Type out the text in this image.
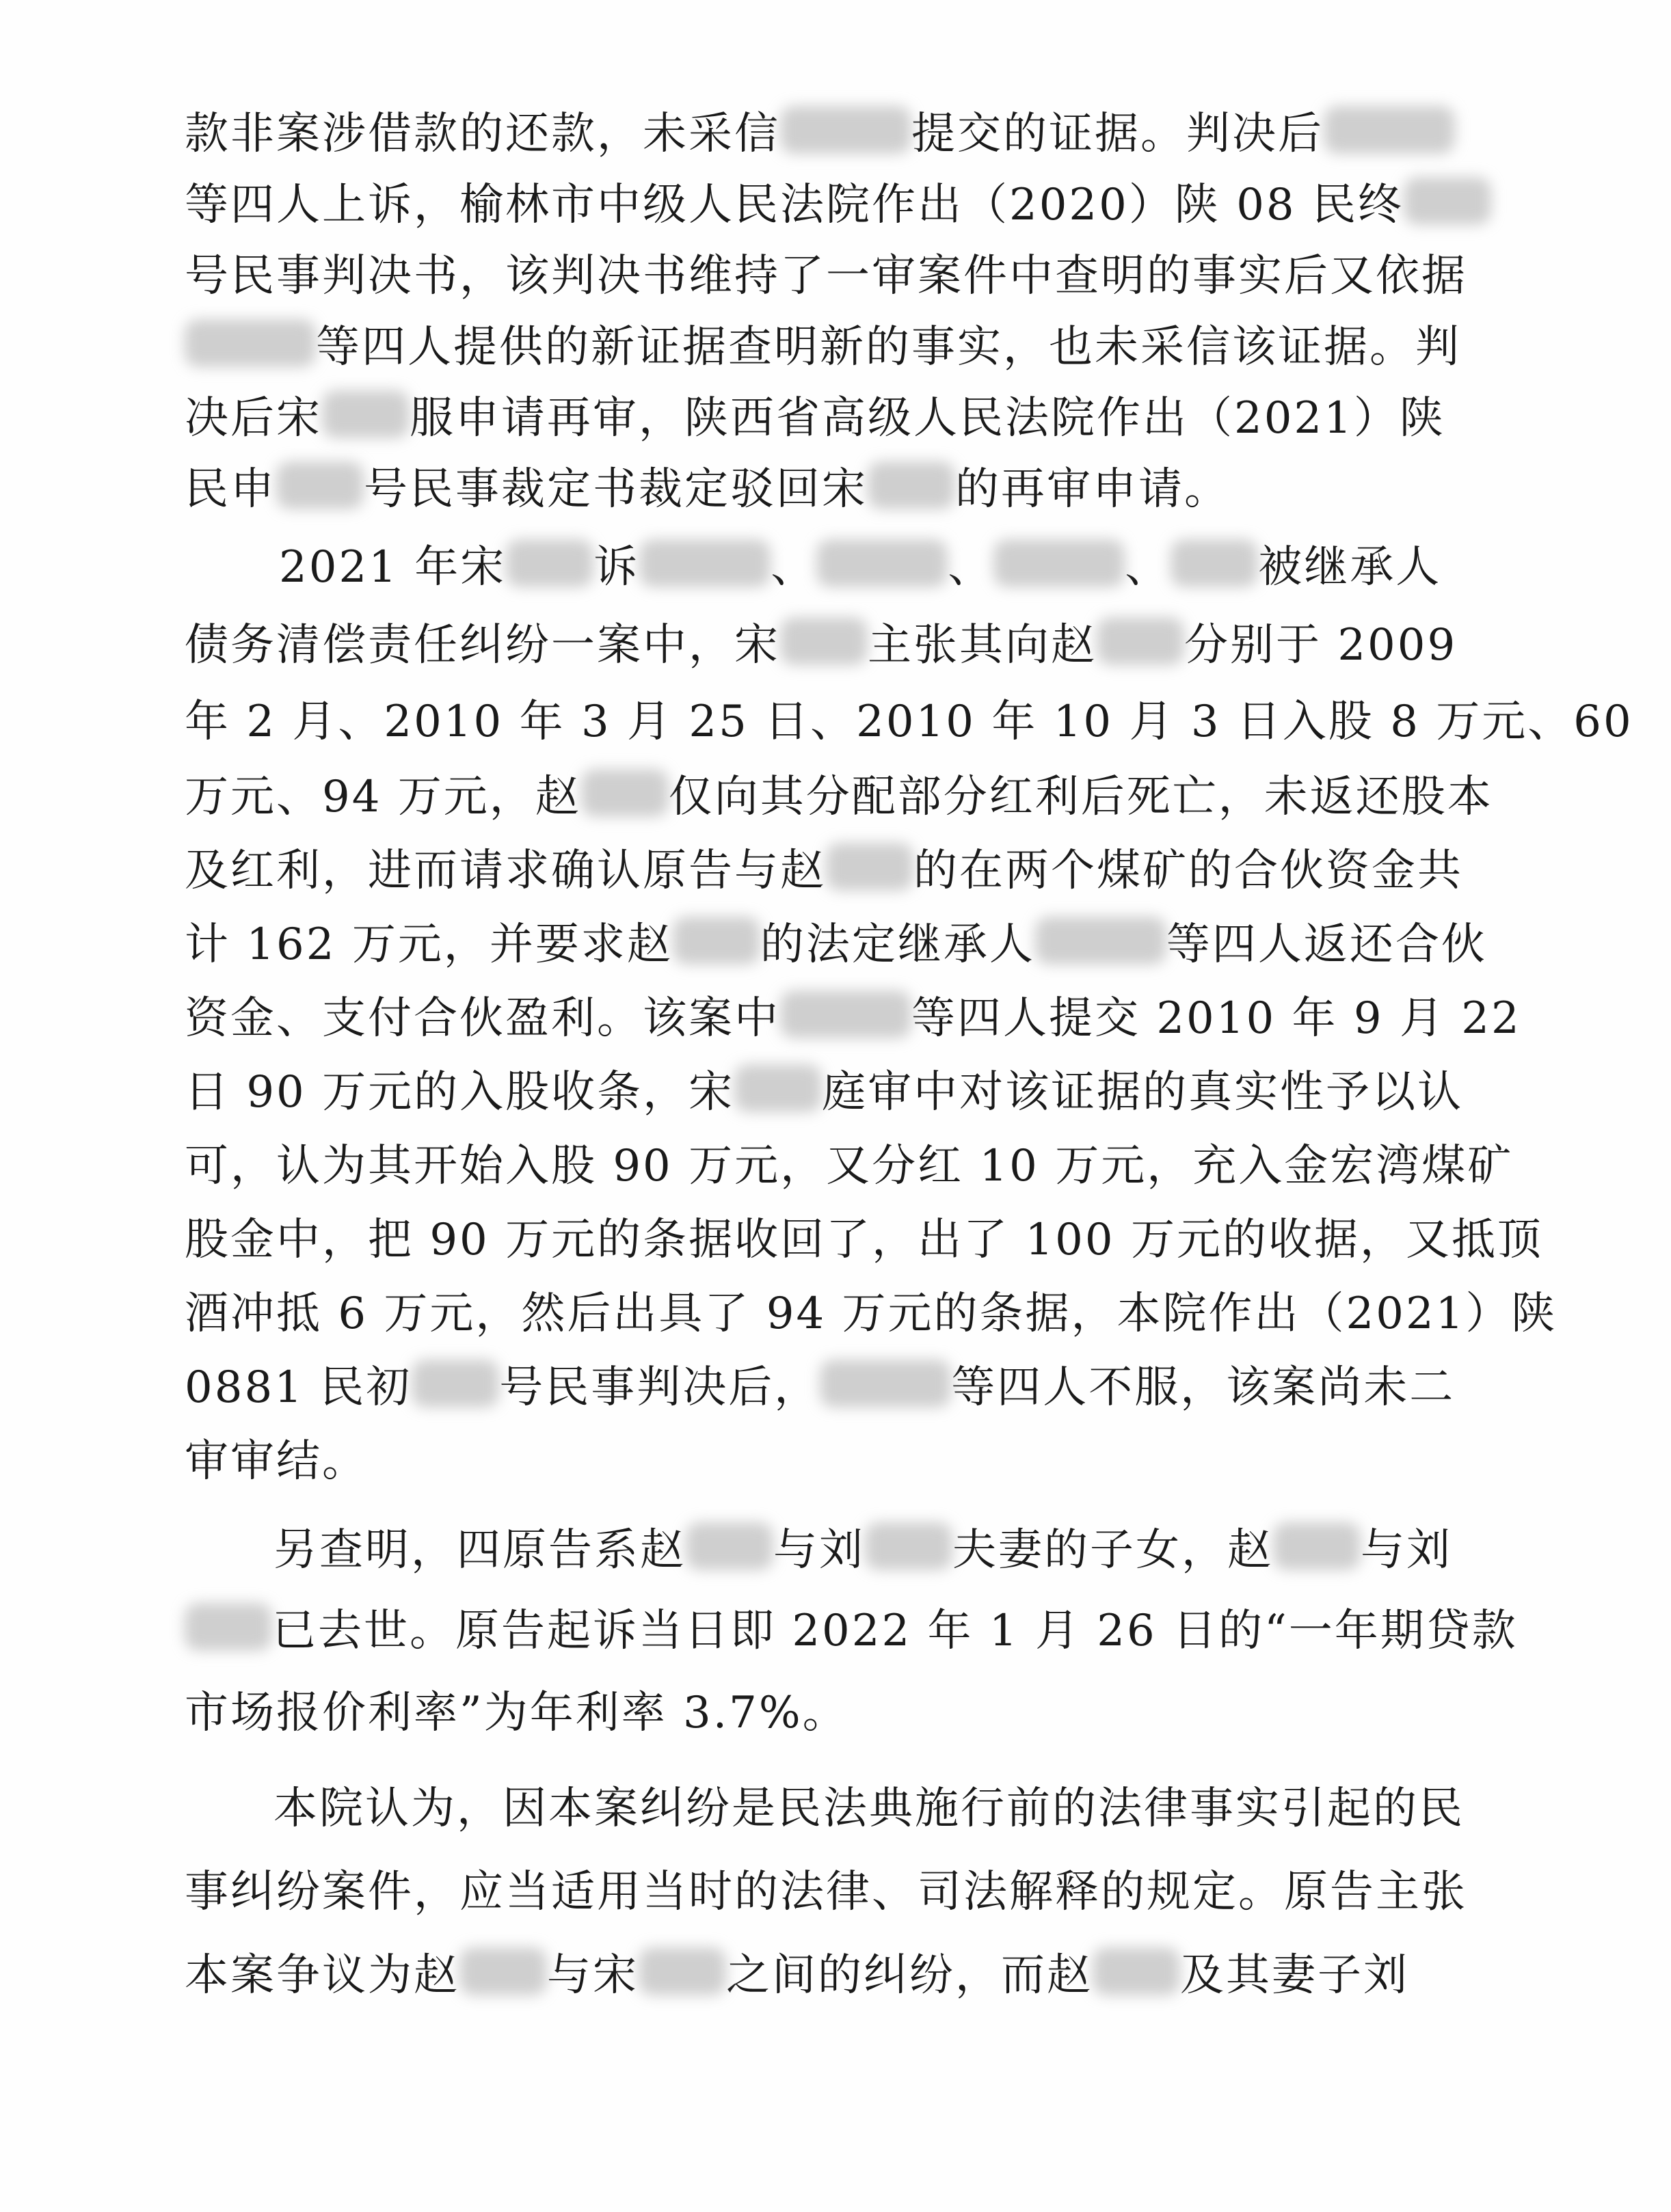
款非案涉借款的还款，未采信	提交的证据。判决后
等四人上诉，榆林市中级人民法院作出（2020）陕 08 民终
号民事判决书，该判决书维持了一审案件中查明的事实后又依据
等四人提供的新证据查明新的事实，也未采信该证据。判
决后宋 服申请再审，陕西省高级人民法院作出（2021）陕
民申 号民事裁定书裁定驳回宋 的再审申请。
2021 年宋 诉	、	、	、 被继承人
债务清偿责任纠纷一案中，宋 主张其向赵 分别于 2009
年 2 月、2010 年 3 月 25 日、2010 年 10 月 3 日入股 8 万元、60
万元、94 万元，赵 仅向其分配部分红利后死亡，未返还股本
及红利，进而请求确认原告与赵 的在两个煤矿的合伙资金共
计 162 万元，并要求赵 的法定继承人	等四人返还合伙
资金、支付合伙盈利。该案中	等四人提交 2010 年 9 月 22
日 90 万元的入股收条，宋 庭审中对该证据的真实性予以认
可，认为其开始入股 90 万元，又分红 10 万元，充入金宏湾煤矿
股金中，把 90 万元的条据收回了，出了 100 万元的收据，又抵顶
酒冲抵 6 万元，然后出具了 94 万元的条据，本院作出（2021）陕
0881 民初 号民事判决后，	等四人不服，该案尚未二
审审结。
另查明，四原告系赵 与刘 夫妻的子女，赵 与刘
已去世。原告起诉当日即 2022 年 1 月 26 日的“一年期贷款
市场报价利率”为年利率 3.7%。
本院认为，因本案纠纷是民法典施行前的法律事实引起的民
事纠纷案件，应当适用当时的法律、司法解释的规定。原告主张
本案争议为赵 与宋 之间的纠纷，而赵 及其妻子刘
